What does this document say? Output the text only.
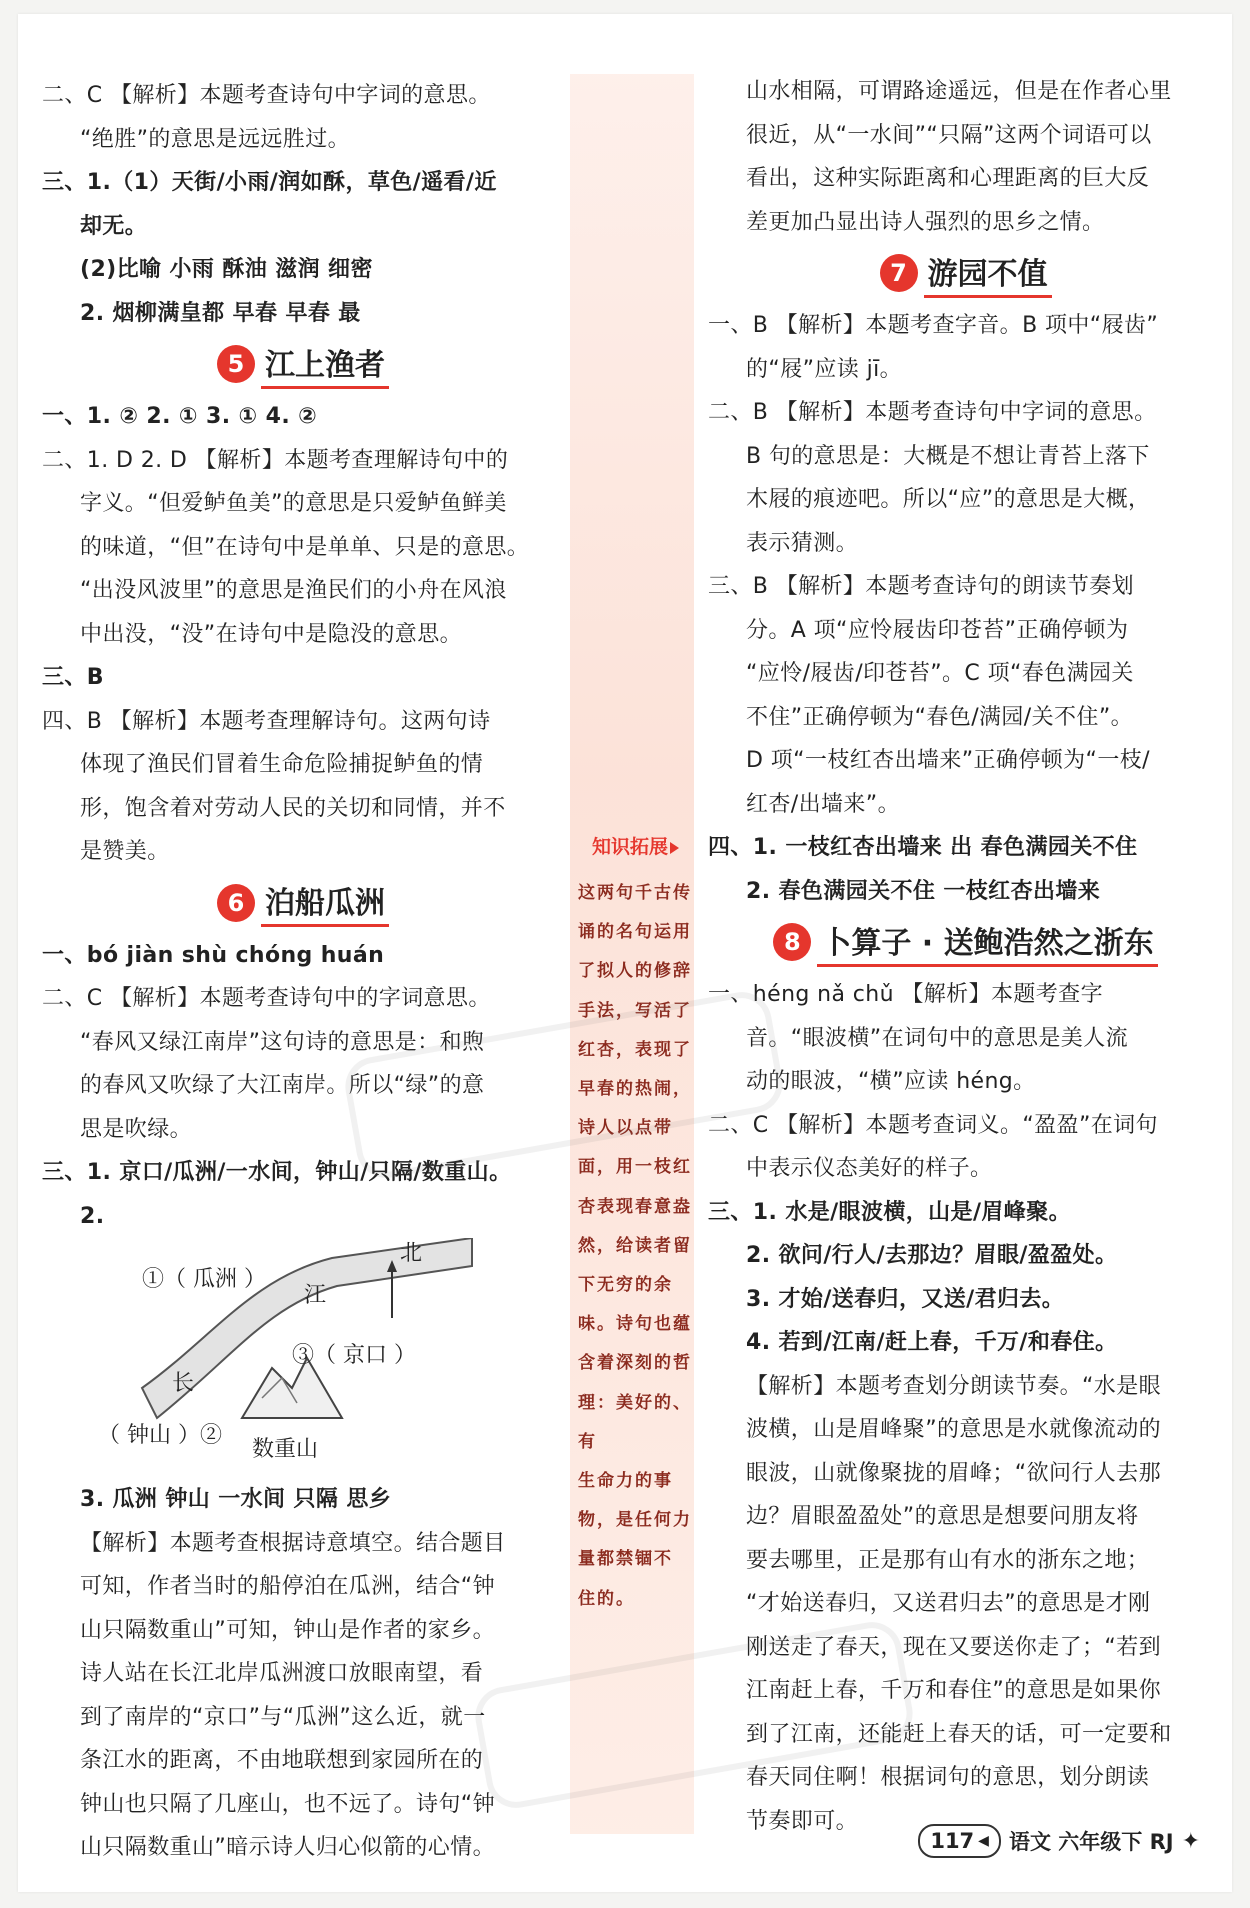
二、C 【解析】本题考查诗句中字词的意思。
“绝胜”的意思是远远胜过。
三、1.（1）天街/小雨/润如酥，草色/遥看/近
却无。
(2)比喻 小雨 酥油 滋润 细密
2. 烟柳满皇都 早春 早春 最
5 江上渔者
一、1. ② 2. ① 3. ① 4. ②
二、1. D 2. D 【解析】本题考查理解诗句中的
字义。“但爱鲈鱼美”的意思是只爱鲈鱼鲜美
的味道，“但”在诗句中是单单、只是的意思。
“出没风波里”的意思是渔民们的小舟在风浪
中出没，“没”在诗句中是隐没的意思。
三、B
四、B 【解析】本题考查理解诗句。这两句诗
体现了渔民们冒着生命危险捕捉鲈鱼的情
形，饱含着对劳动人民的关切和同情，并不
是赞美。
6 泊船瓜洲
一、bó jiàn shù chóng huán
二、C 【解析】本题考查诗句中的字词意思。
“春风又绿江南岸”这句诗的意思是：和煦
的春风又吹绿了大江南岸。所以“绿”的意
思是吹绿。
三、1. 京口/瓜洲/一水间，钟山/只隔/数重山。
2.
北
①（ 瓜洲 ）
江
③（ 京口 ）
长
（ 钟山 ）②
数重山
3. 瓜洲 钟山 一水间 只隔 思乡
【解析】本题考查根据诗意填空。结合题目
可知，作者当时的船停泊在瓜洲，结合“钟
山只隔数重山”可知，钟山是作者的家乡。
诗人站在长江北岸瓜洲渡口放眼南望，看
到了南岸的“京口”与“瓜洲”这么近，就一
条江水的距离，不由地联想到家园所在的
钟山也只隔了几座山，也不远了。诗句“钟
山只隔数重山”暗示诗人归心似箭的心情。
知识拓展
这两句千古传
诵的名句运用
了拟人的修辞
手法，写活了
红杏，表现了
早春的热闹，
诗人以点带
面，用一枝红
杏表现春意盎
然，给读者留
下无穷的余
味。诗句也蕴
含着深刻的哲
理：美好的、有
生命力的事
物，是任何力
量都禁锢不
住的。
山水相隔，可谓路途遥远，但是在作者心里
很近，从“一水间”“只隔”这两个词语可以
看出，这种实际距离和心理距离的巨大反
差更加凸显出诗人强烈的思乡之情。
7 游园不值
一、B 【解析】本题考查字音。B 项中“屐齿”
的“屐”应读 jī。
二、B 【解析】本题考查诗句中字词的意思。
B 句的意思是：大概是不想让青苔上落下
木屐的痕迹吧。所以“应”的意思是大概，
表示猜测。
三、B 【解析】本题考查诗句的朗读节奏划
分。A 项“应怜屐齿印苍苔”正确停顿为
“应怜/屐齿/印苍苔”。C 项“春色满园关
不住”正确停顿为“春色/满园/关不住”。
D 项“一枝红杏出墙来”正确停顿为“一枝/
红杏/出墙来”。
四、1. 一枝红杏出墙来 出 春色满园关不住
2. 春色满园关不住 一枝红杏出墙来
8 卜算子 · 送鲍浩然之浙东
一、héng nǎ chǔ 【解析】本题考查字
音。“眼波横”在词句中的意思是美人流
动的眼波，“横”应读 héng。
二、C 【解析】本题考查词义。“盈盈”在词句
中表示仪态美好的样子。
三、1. 水是/眼波横，山是/眉峰聚。
2. 欲问/行人/去那边？眉眼/盈盈处。
3. 才始/送春归，又送/君归去。
4. 若到/江南/赶上春，千万/和春住。
【解析】本题考查划分朗读节奏。“水是眼
波横，山是眉峰聚”的意思是水就像流动的
眼波，山就像聚拢的眉峰；“欲问行人去那
边？眉眼盈盈处”的意思是想要问朋友将
要去哪里，正是那有山有水的浙东之地；
“才始送春归，又送君归去”的意思是才刚
刚送走了春天，现在又要送你走了；“若到
江南赶上春，千万和春住”的意思是如果你
到了江南，还能赶上春天的话，可一定要和
春天同住啊！根据词句的意思，划分朗读
节奏即可。
117 ◀ 语文 六年级下 RJ ✦
